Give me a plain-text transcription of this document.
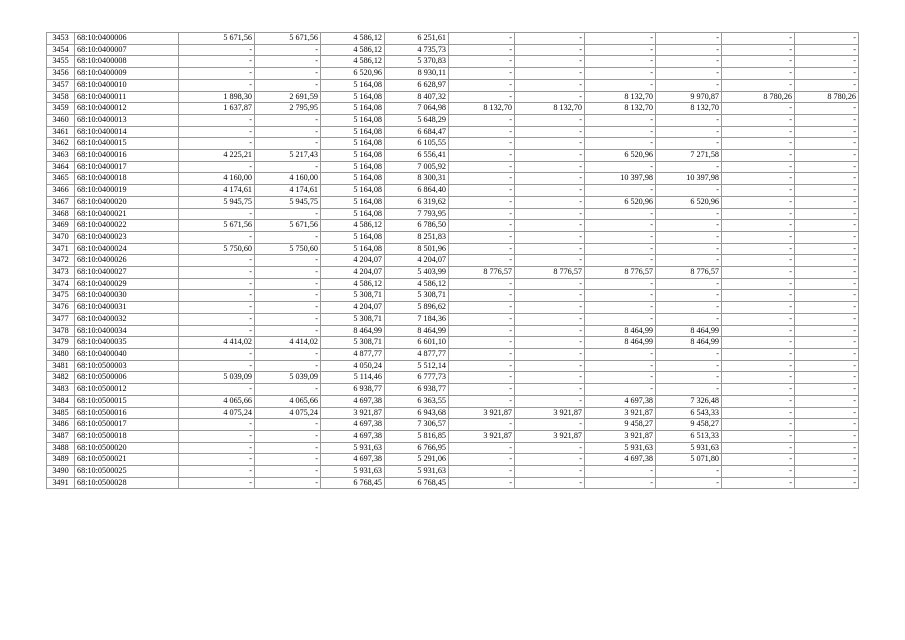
3453	68:10:0400006	5 671,56	5 671,56	4 586,12	6 251,61	-	-	-	-	-	-
3454	68:10:0400007	-	-	4 586,12	4 735,73	-	-	-	-	-	-
3455	68:10:0400008	-	-	4 586,12	5 370,83	-	-	-	-	-	-
3456	68:10:0400009	-	-	6 520,96	8 930,11	-	-	-	-	-	-
3457	68:10:0400010	-	-	5 164,08	6 628,97	-	-	-	-	-	-
3458	68:10:0400011	1 898,30	2 691,59	5 164,08	8 407,32	-	-	8 132,70	9 970,87	8 780,26	8 780,26
3459	68:10:0400012	1 637,87	2 795,95	5 164,08	7 064,98	8 132,70	8 132,70	8 132,70	8 132,70	-	-
3460	68:10:0400013	-	-	5 164,08	5 648,29	-	-	-	-	-	-
3461	68:10:0400014	-	-	5 164,08	6 684,47	-	-	-	-	-	-
3462	68:10:0400015	-	-	5 164,08	6 105,55	-	-	-	-	-	-
3463	68:10:0400016	4 225,21	5 217,43	5 164,08	6 556,41	-	-	6 520,96	7 271,58	-	-
3464	68:10:0400017	-	-	5 164,08	7 005,92	-	-	-	-	-	-
3465	68:10:0400018	4 160,00	4 160,00	5 164,08	8 300,31	-	-	10 397,98	10 397,98	-	-
3466	68:10:0400019	4 174,61	4 174,61	5 164,08	6 864,40	-	-	-	-	-	-
3467	68:10:0400020	5 945,75	5 945,75	5 164,08	6 319,62	-	-	6 520,96	6 520,96	-	-
3468	68:10:0400021	-	-	5 164,08	7 793,95	-	-	-	-	-	-
3469	68:10:0400022	5 671,56	5 671,56	4 586,12	6 786,50	-	-	-	-	-	-
3470	68:10:0400023	-	-	5 164,08	8 251,83	-	-	-	-	-	-
3471	68:10:0400024	5 750,60	5 750,60	5 164,08	8 501,96	-	-	-	-	-	-
3472	68:10:0400026	-	-	4 204,07	4 204,07	-	-	-	-	-	-
3473	68:10:0400027	-	-	4 204,07	5 403,99	8 776,57	8 776,57	8 776,57	8 776,57	-	-
3474	68:10:0400029	-	-	4 586,12	4 586,12	-	-	-	-	-	-
3475	68:10:0400030	-	-	5 308,71	5 308,71	-	-	-	-	-	-
3476	68:10:0400031	-	-	4 204,07	5 896,62	-	-	-	-	-	-
3477	68:10:0400032	-	-	5 308,71	7 184,36	-	-	-	-	-	-
3478	68:10:0400034	-	-	8 464,99	8 464,99	-	-	8 464,99	8 464,99	-	-
3479	68:10:0400035	4 414,02	4 414,02	5 308,71	6 601,10	-	-	8 464,99	8 464,99	-	-
3480	68:10:0400040	-	-	4 877,77	4 877,77	-	-	-	-	-	-
3481	68:10:0500003	-	-	4 050,24	5 512,14	-	-	-	-	-	-
3482	68:10:0500006	5 039,09	5 039,09	5 114,46	6 777,73	-	-	-	-	-	-
3483	68:10:0500012	-	-	6 938,77	6 938,77	-	-	-	-	-	-
3484	68:10:0500015	4 065,66	4 065,66	4 697,38	6 363,55	-	-	4 697,38	7 326,48	-	-
3485	68:10:0500016	4 075,24	4 075,24	3 921,87	6 943,68	3 921,87	3 921,87	3 921,87	6 543,33	-	-
3486	68:10:0500017	-	-	4 697,38	7 306,57	-	-	9 458,27	9 458,27	-	-
3487	68:10:0500018	-	-	4 697,38	5 816,85	3 921,87	3 921,87	3 921,87	6 513,33	-	-
3488	68:10:0500020	-	-	5 931,63	6 766,95	-	-	5 931,63	5 931,63	-	-
3489	68:10:0500021	-	-	4 697,38	5 291,06	-	-	4 697,38	5 071,80	-	-
3490	68:10:0500025	-	-	5 931,63	5 931,63	-	-	-	-	-	-
3491	68:10:0500028	-	-	6 768,45	6 768,45	-	-	-	-	-	-
